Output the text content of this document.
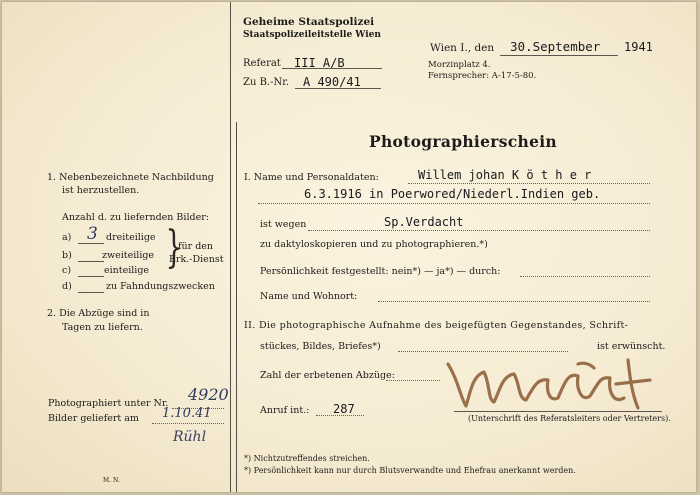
Geheime Staatspolizei
Staatspolizeileitstelle Wien
Referat III A/B
Zu B.-Nr. A 490/41
Wien I., den 30.September 1941
Morzinplatz 4.
Fernsprecher: A-17-5-80.
Photographierschein
1. Nebenbezeichnete Nachbildung
ist herzustellen.
Anzahl d. zu liefernden Bilder:
a) 3 dreiteilige
b)	zweiteilige
c)	einteilige }
für den
Erk.-Dienst
d)	zu Fahndungszwecken
2. Die Abzüge sind in
Tagen zu liefern.
Photographiert unter Nr. 4920
Bilder geliefert am 1.10.41
Rühl
M. N.
I. Name und Personaldaten:	Willem johan K ö t h e r
6.3.1916 in Poerwored/Niederl.Indien geb.
ist wegen	Sp.Verdacht
zu daktyloskopieren und zu photographieren.*)
Persönlichkeit festgestellt: nein*) — ja*) — durch:
Name und Wohnort:
II. Die photographische Aufnahme des beigefügten Gegenstandes, Schrift-
stückes, Bildes, Briefes*)	ist erwünscht.
Zahl der erbetenen Abzüge:
Anruf int.: 287
(Unterschrift des Referatsleiters oder Vertreters).
*) Nichtzutreffendes streichen.
*) Persönlichkeit kann nur durch Blutsverwandte und Ehefrau anerkannt werden.
